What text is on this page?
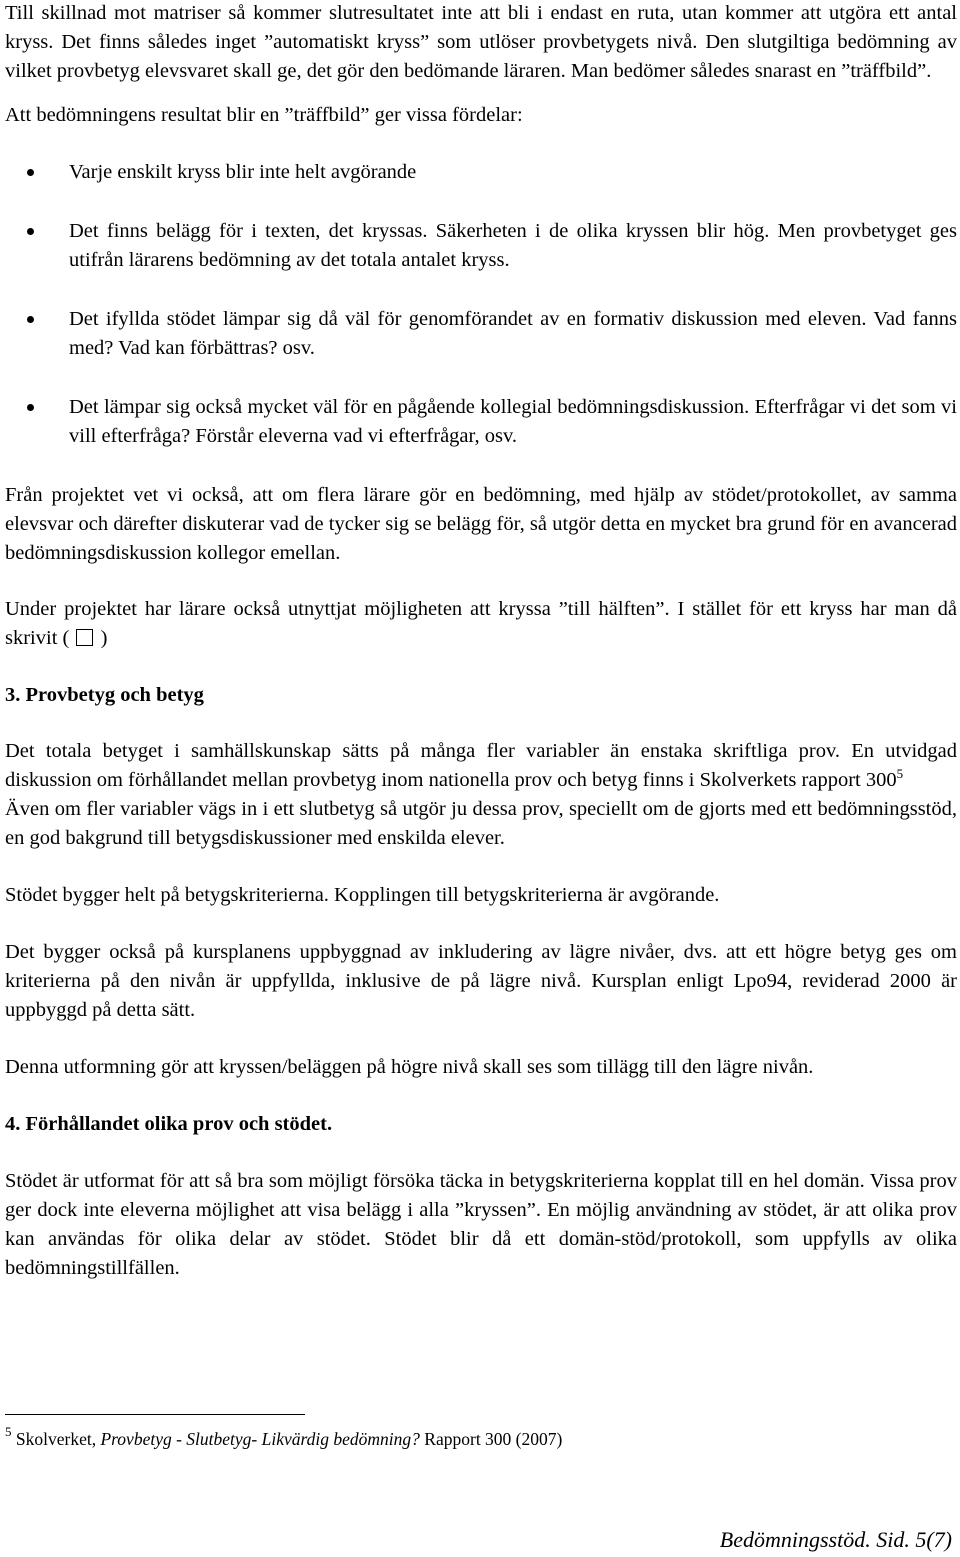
Till skillnad mot matriser så kommer slutresultatet inte att bli i endast en ruta, utan kommer att utgöra ett antal kryss. Det finns således inget ”automatiskt kryss” som utlöser provbetygets nivå. Den slutgiltiga bedömning av vilket provbetyg elevsvaret skall ge, det gör den bedömande läraren. Man bedömer således snarast en ”träffbild”.

Att bedömningens resultat blir en ”träffbild” ger vissa fördelar:

Varje enskilt kryss blir inte helt avgörande
Det finns belägg för i texten, det kryssas. Säkerheten i de olika kryssen blir hög. Men provbetyget ges utifrån lärarens bedömning av det totala antalet kryss.
Det ifyllda stödet lämpar sig då väl för genomförandet av en formativ diskussion med eleven. Vad fanns med? Vad kan förbättras? osv.
Det lämpar sig också mycket väl för en pågående kollegial bedömningsdiskussion. Efterfrågar vi det som vi vill efterfråga? Förstår eleverna vad vi efterfrågar, osv.

Från projektet vet vi också, att om flera lärare gör en bedömning, med hjälp av stödet/protokollet, av samma elevsvar och därefter diskuterar vad de tycker sig se belägg för, så utgör detta en mycket bra grund för en avancerad bedömningsdiskussion kollegor emellan.

Under projektet har lärare också utnyttjat möjligheten att kryssa ”till hälften”. I stället för ett kryss har man då skrivit ( )

3. Provbetyg och betyg

Det totala betyget i samhällskunskap sätts på många fler variabler än enstaka skriftliga prov. En utvidgad diskussion om förhållandet mellan provbetyg inom nationella prov och betyg finns i Skolverkets rapport $300^5$

Även om fler variabler vägs in i ett slutbetyg så utgör ju dessa prov, speciellt om de gjorts med ett bedömningsstöd, en god bakgrund till betygsdiskussioner med enskilda elever.

Stödet bygger helt på betygskriterierna. Kopplingen till betygskriterierna är avgörande.

Det bygger också på kursplanens uppbyggnad av inkludering av lägre nivåer, dvs. att ett högre betyg ges om kriterierna på den nivån är uppfyllda, inklusive de på lägre nivå. Kursplan enligt Lpo94, reviderad 2000 är uppbyggd på detta sätt.

Denna utformning gör att kryssen/beläggen på högre nivå skall ses som tillägg till den lägre nivån.

4. Förhållandet olika prov och stödet.

Stödet är utformat för att så bra som möjligt försöka täcka in betygskriterierna kopplat till en hel domän. Vissa prov ger dock inte eleverna möjlighet att visa belägg i alla ”kryssen”. En möjlig användning av stödet, är att olika prov kan användas för olika delar av stödet. Stödet blir då ett domän-stöd/protokoll, som uppfylls av olika bedömningstillfällen.

$^5$ Skolverket, Provbetyg - Slutbetyg- Likvärdig bedömning? Rapport 300 (2007)
Bedömningsstöd. Sid. 5(7)
